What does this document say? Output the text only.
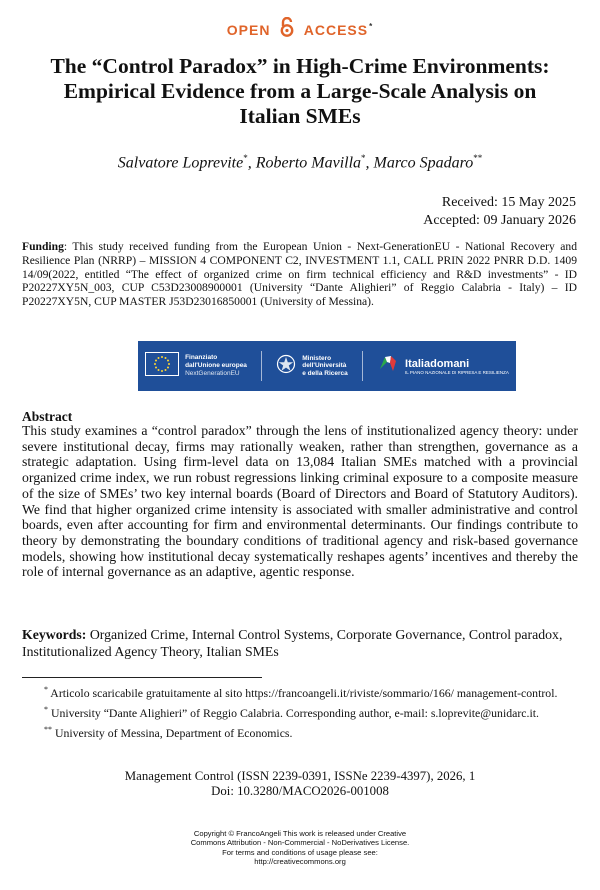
OPEN ACCESS*
The “Control Paradox” in High-Crime Environments: Empirical Evidence from a Large-Scale Analysis on Italian SMEs
Salvatore Loprevite*, Roberto Mavilla*, Marco Spadaro**
Received: 15 May 2025
Accepted: 09 January 2026

Funding: This study received funding from the European Union - Next-GenerationEU - National Recovery and Resilience Plan (NRRP) – MISSION 4 COMPONENT C2, INVESTMENT 1.1, CALL PRIN 2022 PNRR D.D. 1409 14/09(2022, entitled “The effect of organized crime on firm technical efficiency and R&D investments” - ID P20227XY5N_003, CUP C53D23008900001 (University “Dante Alighieri” of Reggio Calabria - Italy) – ID P20227XY5N, CUP MASTER J53D23016850001 (University of Messina).

Finanziato
dall'Unione europea
NextGenerationEU
Ministero
dell'Università
e della Ricerca
Italiadomani
IL PIANO NAZIONALE DI RIPRESA E RESILIENZA
Abstract

This study examines a “control paradox” through the lens of institutionalized agency theory: under severe institutional decay, firms may rationally weaken, rather than strengthen, governance as a strategic adaptation. Using firm-level data on 13,084 Italian SMEs matched with a provincial organized crime index, we run robust regressions linking criminal exposure to a composite measure of the size of SMEs’ two key internal boards (Board of Directors and Board of Statutory Auditors). We find that higher organized crime intensity is associated with smaller administrative and control boards, even after accounting for firm and environmental determinants. Our findings contribute to theory by demonstrating the boundary conditions of traditional agency and risk-based governance models, showing how institutional decay systematically reshapes agents’ incentives and thereby the role of internal governance as an adaptive, agentic response.

Keywords: Organized Crime, Internal Control Systems, Corporate Governance, Control paradox, Institutionalized Agency Theory, Italian SMEs

* Articolo scaricabile gratuitamente al sito https://francoangeli.it/riviste/sommario/166/ management-control.

* University “Dante Alighieri” of Reggio Calabria. Corresponding author, e-mail: s.loprevite@unidarc.it.

** University of Messina, Department of Economics.

Management Control (ISSN 2239-0391, ISSNe 2239-4397), 2026, 1
Doi: 10.3280/MACO2026-001008
Copyright © FrancoAngeli This work is released under Creative
Commons Attribution - Non-Commercial - NoDerivatives License.
For terms and conditions of usage please see:
http://creativecommons.org
